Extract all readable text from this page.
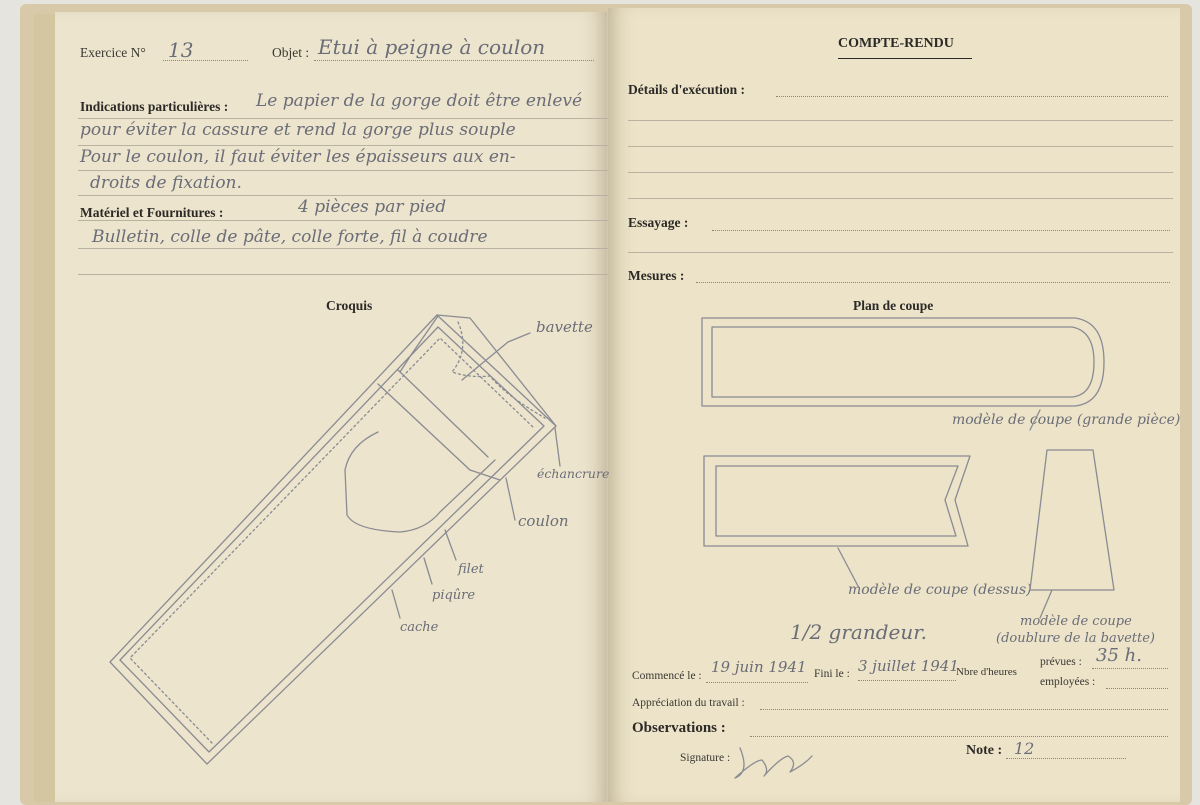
Exercice N° 13	Objet : Etui à peigne à coulon
Indications particulières : Le papier de la gorge doit être enlevé
pour éviter la cassure et rend la gorge plus souple
Pour le coulon, il faut éviter les épaisseurs aux en-
droits de fixation.
Matériel et Fournitures :	4 pièces par pied
Bulletin, colle de pâte, colle forte, fil à coudre
Croquis
COMPTE-RENDU
Détails d'exécution :
Essayage :
Mesures :
Plan de coupe
modèle de coupe (grande pièce)
modèle de coupe (dessus)
modèle de coupe
(doublure de la bavette)
1/2 grandeur.
Commencé le : 19 juin 1941 Fini le : 3 juillet 1941
Nbre d'heures
prévues : 35 h.
employées :
Appréciation du travail :
Observations :
Signature :	Note : 12
bavette
échancrure
coulon
filet
piqûre
cache
